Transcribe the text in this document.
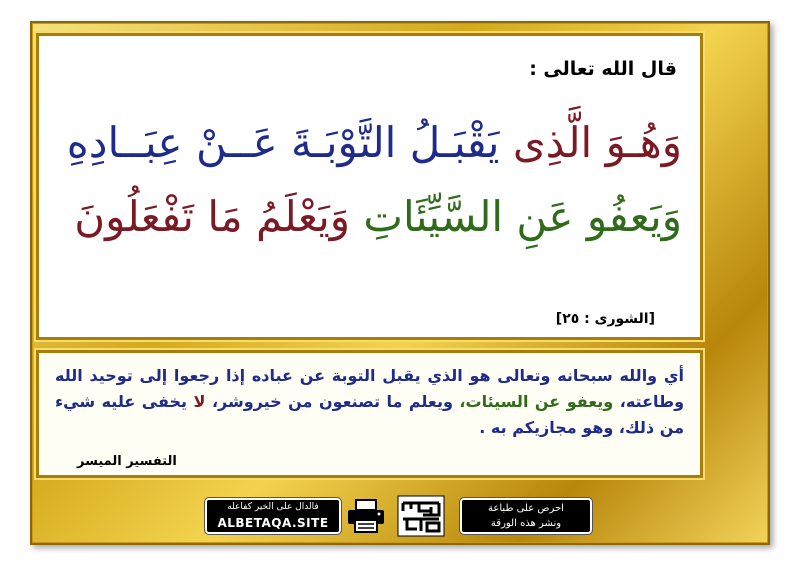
قال الله تعالى :
وَهُـوَ الَّذِى يَقْبَـلُ التَّوْبَـةَ عَــنْ عِبَــادِهِ
وَيَعفُو عَنِ السَّيِّئَاتِ وَيَعْلَمُ مَا تَفْعَلُونَ
[الشورى : ٢٥]
أي والله سبحانه وتعالى هو الذي يقبل التوبة عن عباده إذا رجعوا إلى توحيد الله وطاعته، ويعفو عن السيئات، ويعلم ما تصنعون من خيروشر، لا يخفى عليه شيء من ذلك، وهو مجازيكم به .
التفسير الميسر
فالدال على الخير كفاعله
ALBETAQA.SITE
احرص على طباعة
ونشر هذه الورقة
